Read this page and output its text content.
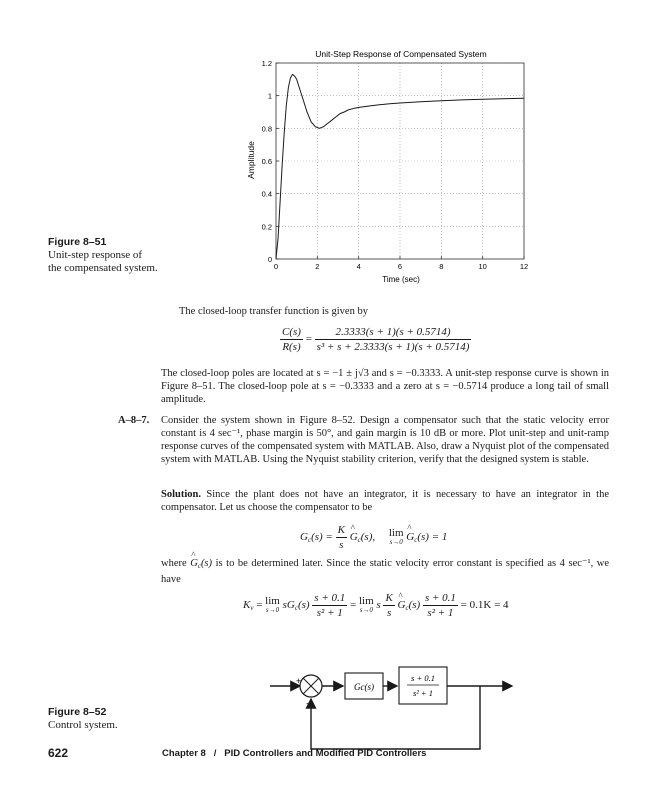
Unit-Step Response of Compensated System
Time (sec)
Amplitude
0	2	4	6	8	10	12
0
0.2
0.4
0.6
0.8
1
1.2
Figure 8–51
Unit-step response of the compensated system.
The closed-loop transfer function is given by
$\frac{C(s)}{R(s)} = \frac{2.3333(s + 1)(s + 0.5714)}{\text{s³ + s + 2.3333(s + 1)(s + 0.5714)}}$
The closed-loop poles are located at s = −1 ± j√3 and s = −0.3333. A unit-step response curve is shown in Figure 8–51. The closed-loop pole at s = −0.3333 and a zero at s = −0.5714 produce a long tail of small amplitude.
A–8–7. Consider the system shown in Figure 8–52. Design a compensator such that the static velocity error constant is 4 sec⁻¹, phase margin is 50°, and gain margin is 10 dB or more. Plot unit-step and unit-ramp response curves of the compensated system with MATLAB. Also, draw a Nyquist plot of the compensated system with MATLAB. Using the Nyquist stability criterion, verify that the designed system is stable.
Solution. Since the plant does not have an integrator, it is necessary to have an integrator in the compensator. Let us choose the compensator to be
$G_c(s) = \frac{K}{s}$ ^ $G_c(s)$, lim
s→0 ^ $G_c(s) = 1$
where ^ $G_c(s)$ is to be determined later. Since the static velocity error constant is specified as 4 sec⁻¹, we have
$K_v = \lim$
s→0 $sG_c(s) \frac{s + 0.1}{\text{s² + 1}} = \lim$
s→0 s $\frac{K}{s}$ ^ $G_c(s) \frac{s + 0.1}{\text{s² + 1}} = 0.1K = 4$
+
−
Gc(s)
s + 0.1
s² + 1
Figure 8–52
Control system.
622	Chapter 8   /   PID Controllers and Modified PID Controllers
